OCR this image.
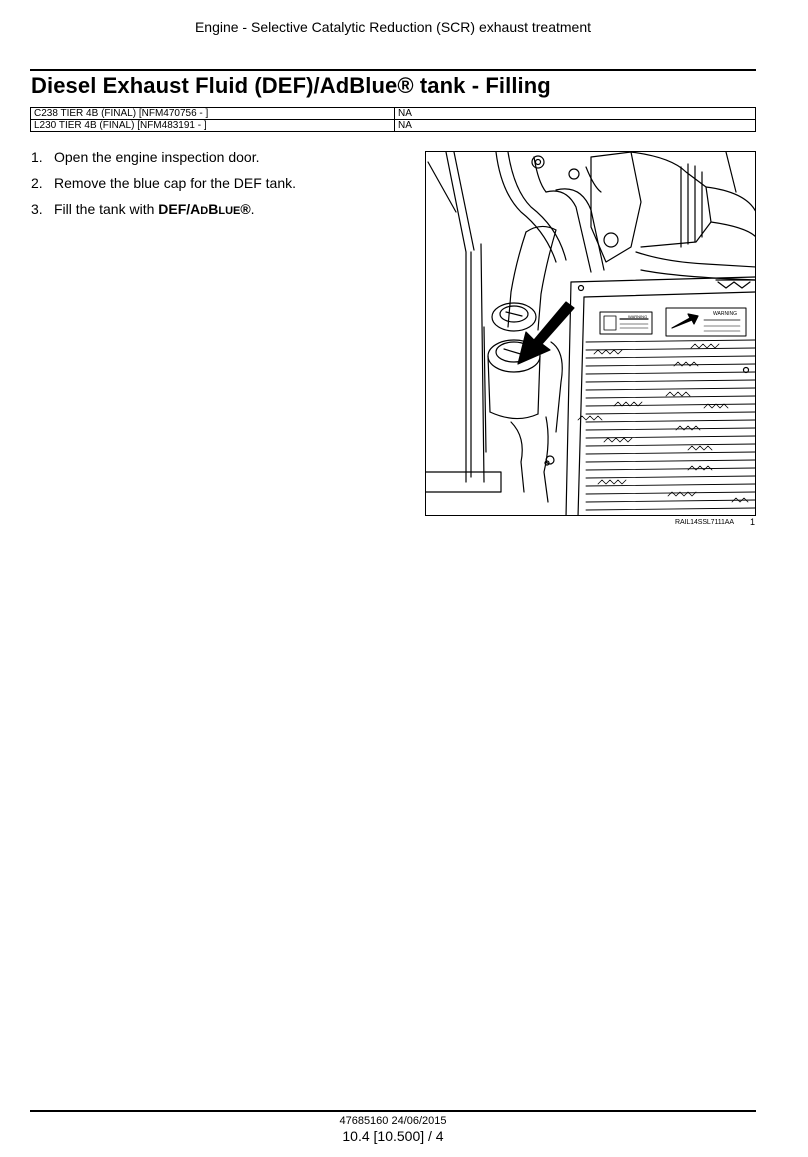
Engine - Selective Catalytic Reduction (SCR) exhaust treatment
Diesel Exhaust Fluid (DEF)/AdBlue® tank - Filling
C238 TIER 4B (FINAL) [NFM470756 - ]	NA
L230 TIER 4B (FINAL) [NFM483191 - ]	NA
1. Open the engine inspection door.
2. Remove the blue cap for the DEF tank.
3. Fill the tank with DEF/ADBLUE®.
WARNING	WARNING
RAIL14SSL7111AA 1
47685160 24/06/2015
10.4 [10.500] / 4
